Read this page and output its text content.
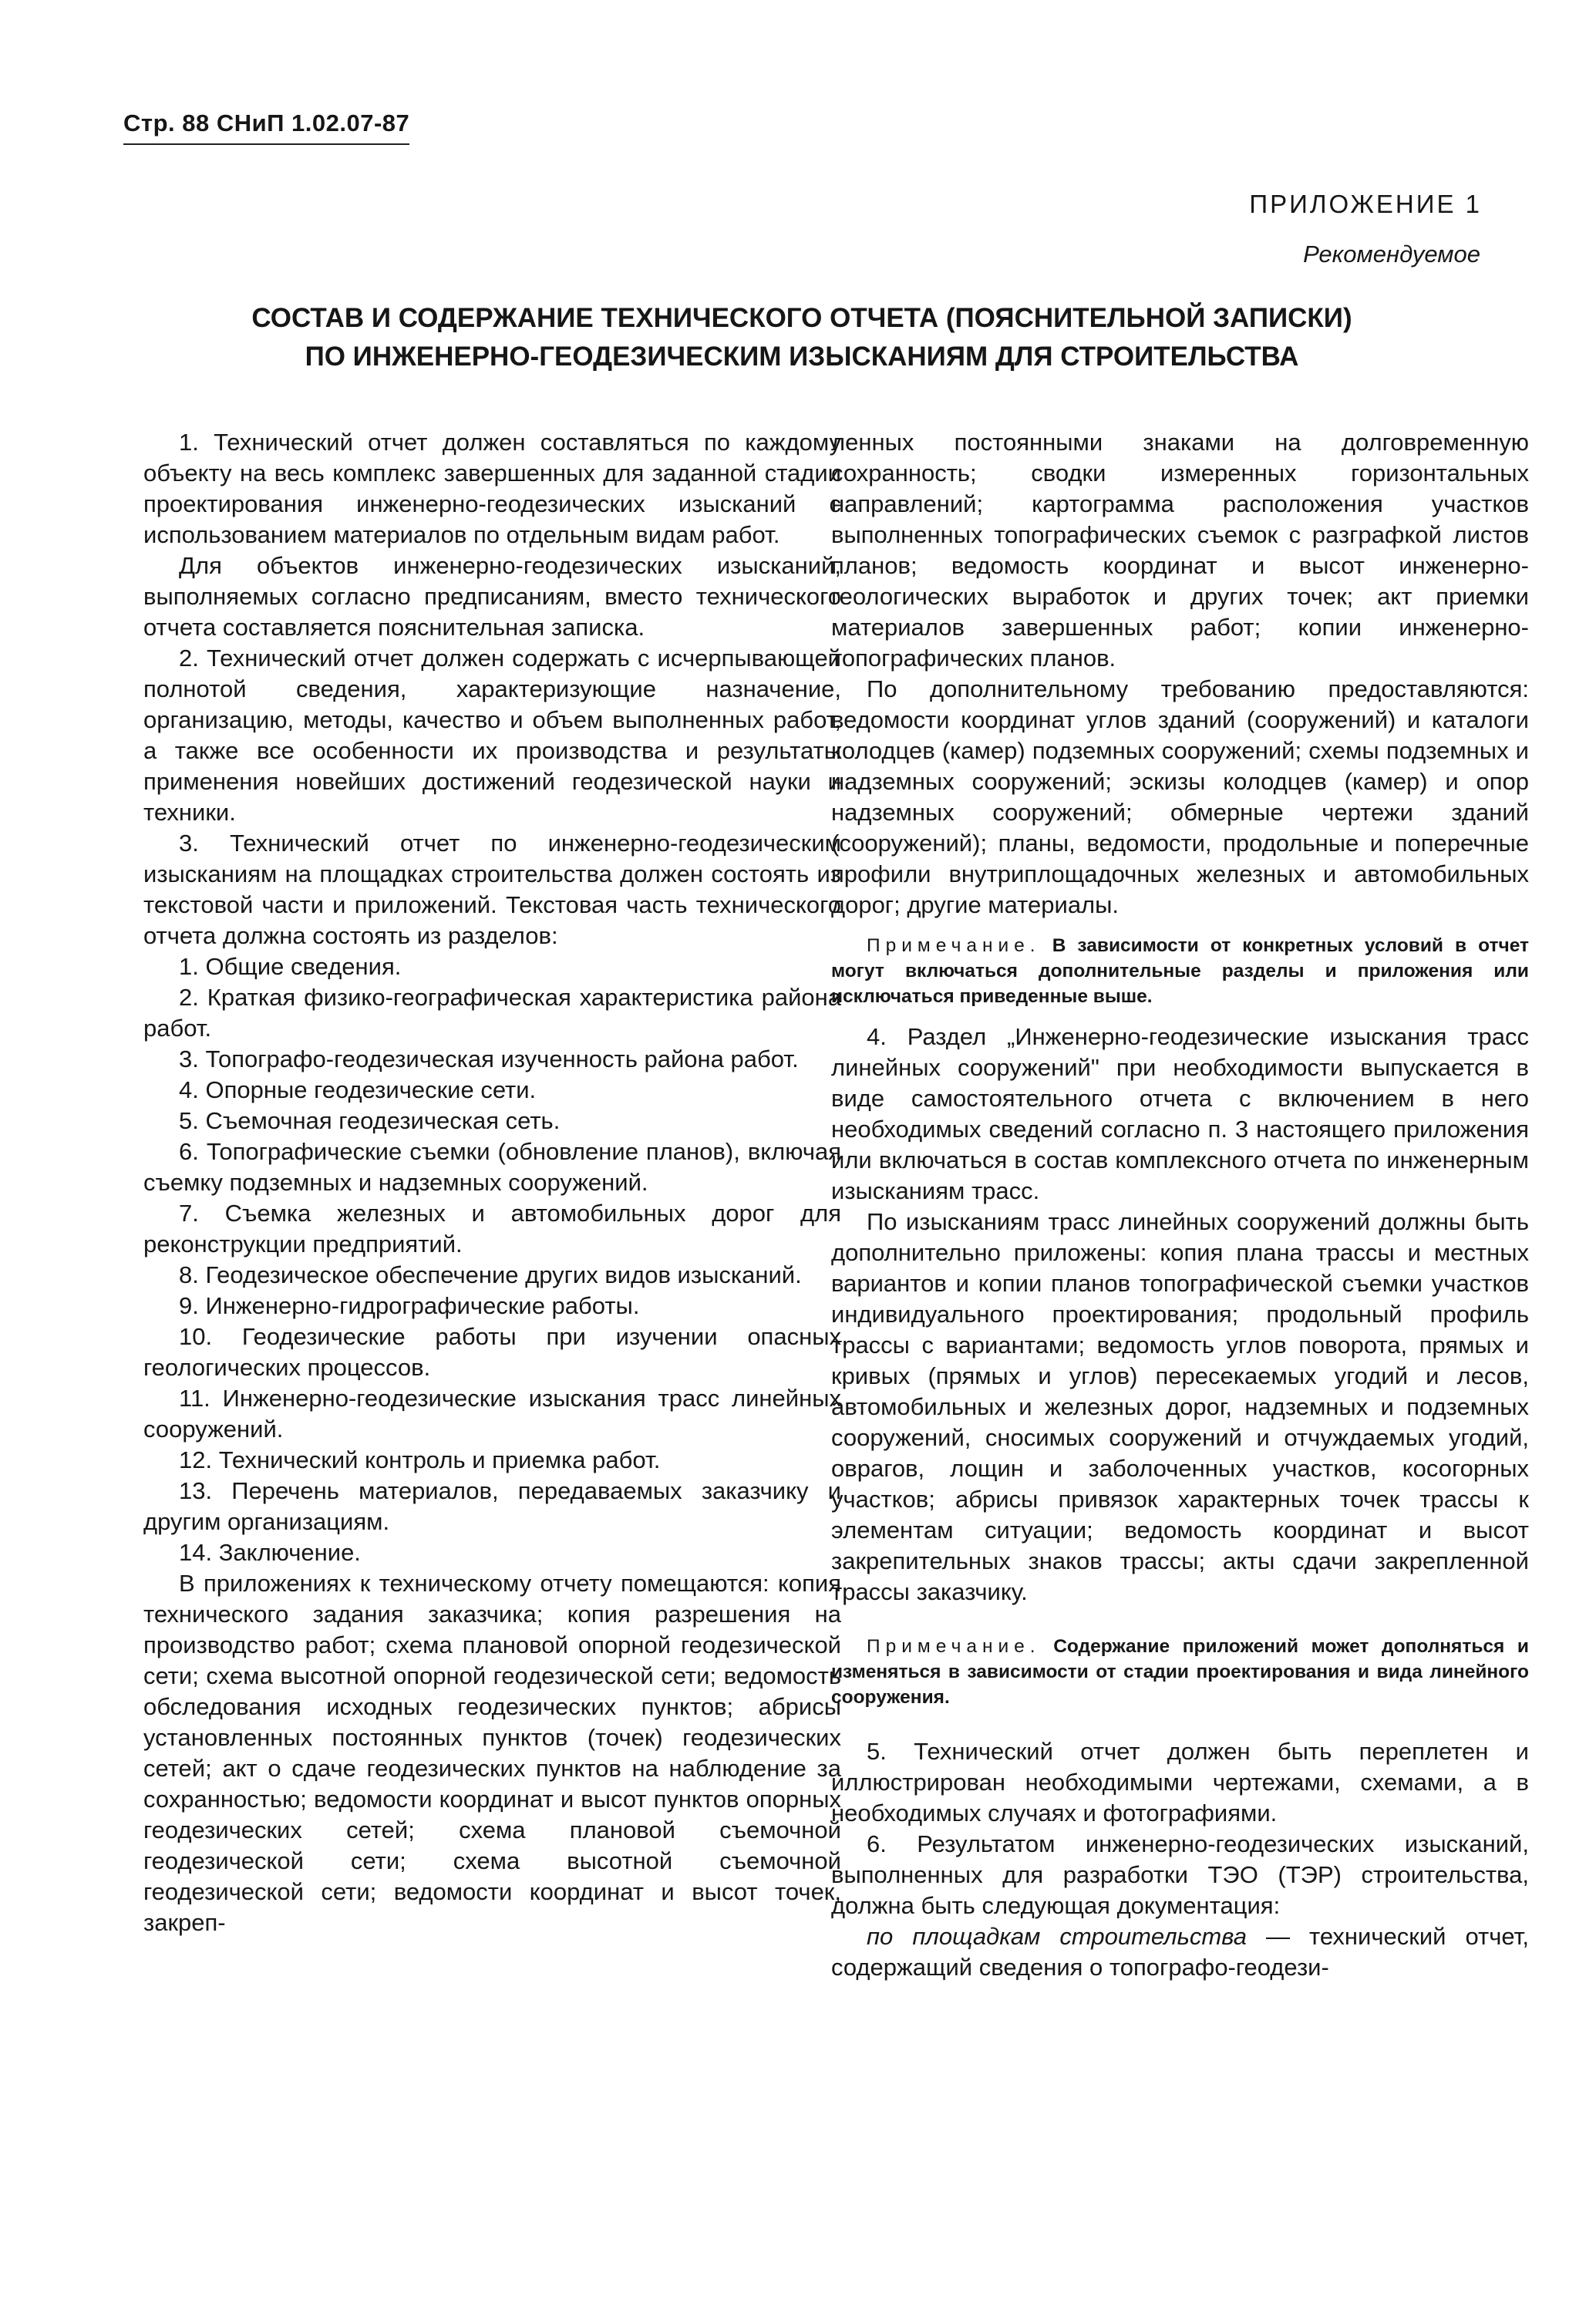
Стр. 88 СНиП 1.02.07-87
ПРИЛОЖЕНИЕ 1
Рекомендуемое
СОСТАВ И СОДЕРЖАНИЕ ТЕХНИЧЕСКОГО ОТЧЕТА (ПОЯСНИТЕЛЬНОЙ ЗАПИСКИ)
ПО ИНЖЕНЕРНО-ГЕОДЕЗИЧЕСКИМ ИЗЫСКАНИЯМ ДЛЯ СТРОИТЕЛЬСТВА

1. Технический отчет должен составляться по каждому объекту на весь комплекс завершенных для заданной стадии проектирования инженерно-геодезических изысканий с использованием материалов по отдельным видам работ.

Для объектов инженерно-геодезических изысканий, выполняемых согласно предписаниям, вместо технического отчета составляется пояснительная записка.

2. Технический отчет должен содержать с исчерпывающей полнотой сведения, характеризующие назначение, организацию, методы, качество и объем выполненных работ, а также все особенности их производства и результаты применения новейших достижений геодезической науки и техники.

3. Технический отчет по инженерно-геодезическим изысканиям на площадках строительства должен состоять из текстовой части и приложений. Текстовая часть технического отчета должна состоять из разделов:

1. Общие сведения.

2. Краткая физико-географическая характеристика района работ.

3. Топографо-геодезическая изученность района работ.

4. Опорные геодезические сети.

5. Съемочная геодезическая сеть.

6. Топографические съемки (обновление планов), включая съемку подземных и надземных сооружений.

7. Съемка железных и автомобильных дорог для реконструкции предприятий.

8. Геодезическое обеспечение других видов изысканий.

9. Инженерно-гидрографические работы.

10. Геодезические работы при изучении опасных геологических процессов.

11. Инженерно-геодезические изыскания трасс линейных сооружений.

12. Технический контроль и приемка работ.

13. Перечень материалов, передаваемых заказчику и другим организациям.

14. Заключение.

В приложениях к техническому отчету помещаются: копия технического задания заказчика; копия разрешения на производство работ; схема плановой опорной геодезической сети; схема высотной опорной геодезической сети; ведомость обследования исходных геодезических пунктов; абрисы установленных постоянных пунктов (точек) геодезических сетей; акт о сдаче геодезических пунктов на наблюдение за сохранностью; ведомости координат и высот пунктов опорных геодезических сетей; схема плановой съемочной геодезической сети; схема высотной съемочной геодезической сети; ведомости координат и высот точек, закреп-

ленных постоянными знаками на долговременную сохранность; сводки измеренных горизонтальных направлений; картограмма расположения участков выполненных топографических съемок с разграфкой листов планов; ведомость координат и высот инженерно-геологических выработок и других точек; акт приемки материалов завершенных работ; копии инженерно-топографических планов.

По дополнительному требованию предоставляются: ведомости координат углов зданий (сооружений) и каталоги колодцев (камер) подземных сооружений; схемы подземных и надземных сооружений; эскизы колодцев (камер) и опор надземных сооружений; обмерные чертежи зданий (сооружений); планы, ведомости, продольные и поперечные профили внутриплощадочных железных и автомобильных дорог; другие материалы.

Примечание. В зависимости от конкретных условий в отчет могут включаться дополнительные разделы и приложения или исключаться приведенные выше.

4. Раздел „Инженерно-геодезические изыскания трасс линейных сооружений" при необходимости выпускается в виде самостоятельного отчета с включением в него необходимых сведений согласно п. 3 настоящего приложения или включаться в состав комплексного отчета по инженерным изысканиям трасс.

По изысканиям трасс линейных сооружений должны быть дополнительно приложены: копия плана трассы и местных вариантов и копии планов топографической съемки участков индивидуального проектирования; продольный профиль трассы с вариантами; ведомость углов поворота, прямых и кривых (прямых и углов) пересекаемых угодий и лесов, автомобильных и железных дорог, надземных и подземных сооружений, сносимых сооружений и отчуждаемых угодий, оврагов, лощин и заболоченных участков, косогорных участков; абрисы привязок характерных точек трассы к элементам ситуации; ведомость координат и высот закрепительных знаков трассы; акты сдачи закрепленной трассы заказчику.

Примечание. Содержание приложений может дополняться и изменяться в зависимости от стадии проектирования и вида линейного сооружения.

5. Технический отчет должен быть переплетен и иллюстрирован необходимыми чертежами, схемами, а в необходимых случаях и фотографиями.

6. Результатом инженерно-геодезических изысканий, выполненных для разработки ТЭО (ТЭР) строительства, должна быть следующая документация:

по площадкам строительства — технический отчет, содержащий сведения о топографо-геодези-
